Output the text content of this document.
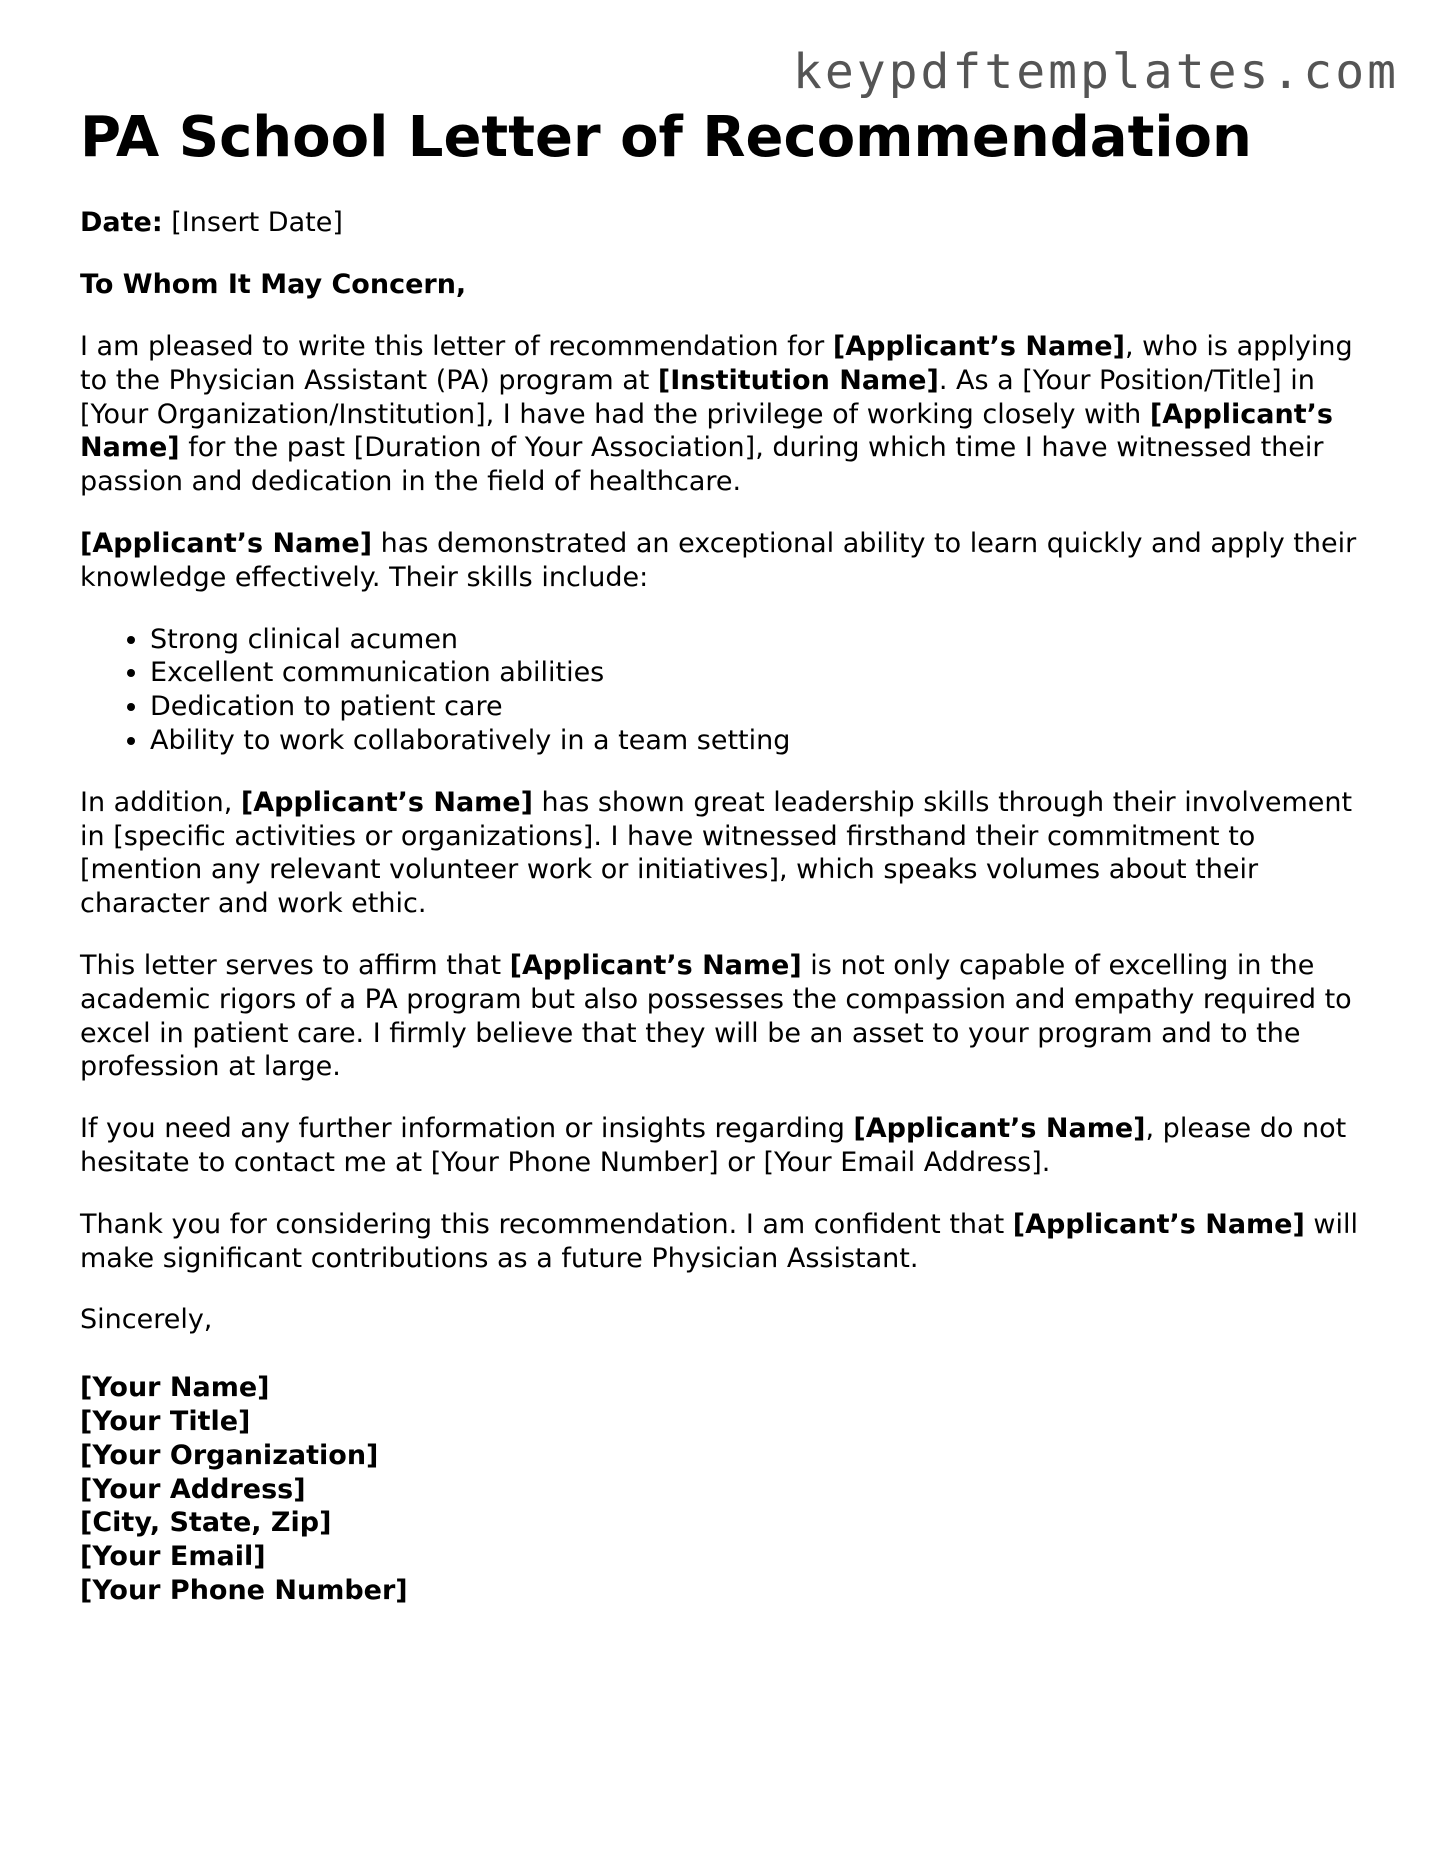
keypdftemplates.com
PA School Letter of Recommendation

Date: [Insert Date]

To Whom It May Concern,

I am pleased to write this letter of recommendation for [Applicant’s Name], who is applying to the Physician Assistant (PA) program at [Institution Name]. As a [Your Position/Title] in [Your Organization/Institution], I have had the privilege of working closely with [Applicant’s Name] for the past [Duration of Your Association], during which time I have witnessed their passion and dedication in the field of healthcare.

[Applicant’s Name] has demonstrated an exceptional ability to learn quickly and apply their knowledge effectively. Their skills include:

• Strong clinical acumen
• Excellent communication abilities
• Dedication to patient care
• Ability to work collaboratively in a team setting

In addition, [Applicant’s Name] has shown great leadership skills through their involvement in [specific activities or organizations]. I have witnessed firsthand their commitment to [mention any relevant volunteer work or initiatives], which speaks volumes about their character and work ethic.

This letter serves to affirm that [Applicant’s Name] is not only capable of excelling in the academic rigors of a PA program but also possesses the compassion and empathy required to excel in patient care. I firmly believe that they will be an asset to your program and to the profession at large.

If you need any further information or insights regarding [Applicant’s Name], please do not hesitate to contact me at [Your Phone Number] or [Your Email Address].

Thank you for considering this recommendation. I am confident that [Applicant’s Name] will make significant contributions as a future Physician Assistant.

Sincerely,

[Your Name]
[Your Title]
[Your Organization]
[Your Address]
[City, State, Zip]
[Your Email]
[Your Phone Number]
